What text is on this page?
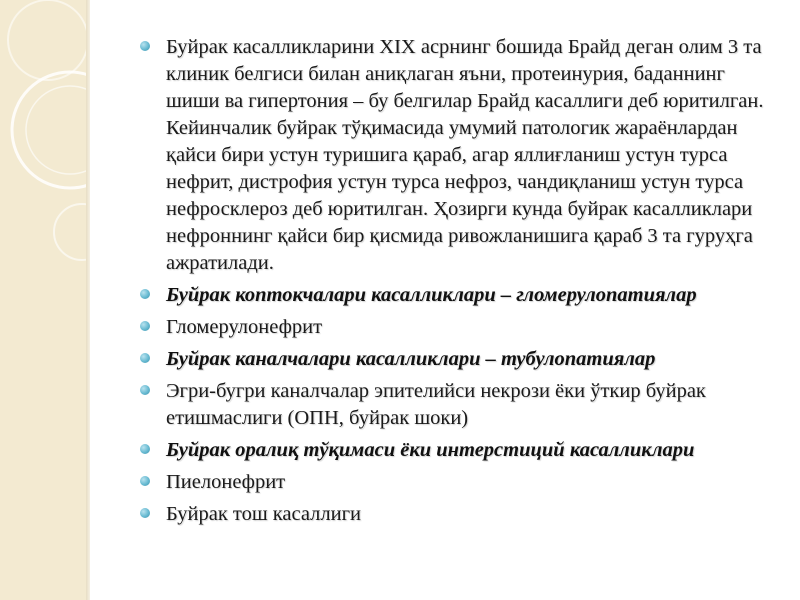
Буйрак касалликларини ХIХ асрнинг бошида Брайд деган олим 3 та клиник белгиси билан аниқлаган яъни, протеинурия, баданнинг шиши ва гипертония – бу белгилар Брайд касаллиги деб юритилган. Кейинчалик буйрак тўқимасида умумий патологик жараёнлардан қайси бири устун туришига қараб, агар яллиғланиш устун турса нефрит, дистрофия устун турса нефроз, чандиқланиш устун турса нефросклероз деб юритилган. Ҳозирги кунда буйрак касалликлари нефроннинг қайси бир қисмида ривожланишига қараб 3 та гуруҳга ажратилади.
Буйрак коптокчалари касалликлари – гломерулопатиялар
Гломерулонефрит
Буйрак каналчалари касалликлари – тубулопатиялар
Эгри-бугри каналчалар эпителийси некрози ёки ўткир буйрак етишмаслиги (ОПН, буйрак шоки)
Буйрак оралиқ тўқимаси ёки интерстиций касалликлари
Пиелонефрит
Буйрак тош касаллиги
